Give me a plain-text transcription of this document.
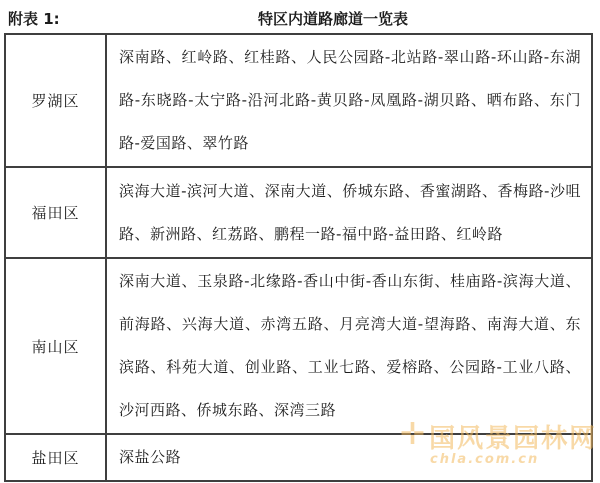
附表 1:	特区内道路廊道一览表
罗湖区	深南路、红岭路、红桂路、人民公园路-北站路-翠山路-环山路-东湖路-东晓路-太宁路-沿河北路-黄贝路-凤凰路-湖贝路、晒布路、东门路-爱国路、翠竹路
福田区	滨海大道-滨河大道、深南大道、侨城东路、香蜜湖路、香梅路-沙咀路、新洲路、红荔路、鹏程一路-福中路-益田路、红岭路
南山区	深南大道、玉泉路-北缘路-香山中街-香山东街、桂庙路-滨海大道、前海路、兴海大道、赤湾五路、月亮湾大道-望海路、南海大道、东滨路、科苑大道、创业路、工业七路、爱榕路、公园路-工业八路、沙河西路、侨城东路、深湾三路
盐田区	深盐公路
✛ 国风景园林网
chla.com.cn
